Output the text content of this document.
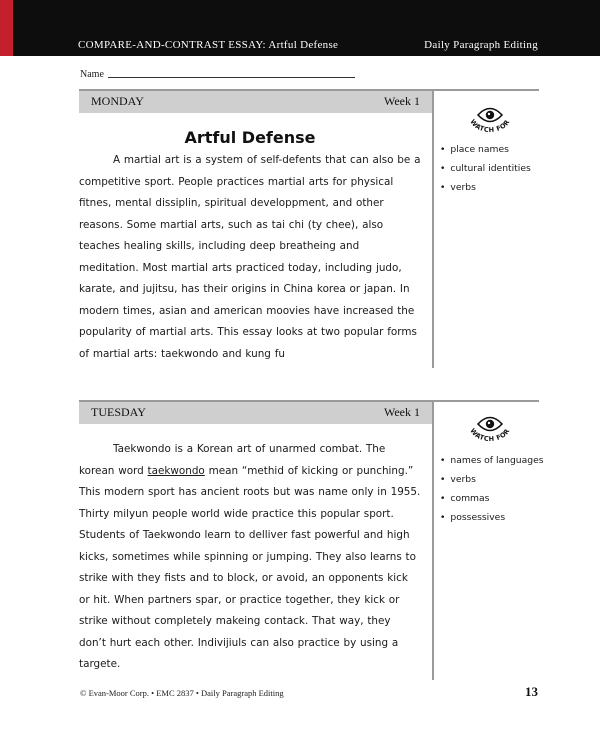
COMPARE-AND-CONTRAST ESSAY: Artful Defense	Daily Paragraph Editing
Name
MONDAY	Week 1
Artful Defense

A martial art is a system of self-defents that can also be a competitive sport. People practices martial arts for physical fitnes, mental dissiplin, spiritual developpment, and other reasons. Some martial arts, such as tai chi (ty chee), also teaches healing skills, including deep breatheing and meditation. Most martial arts practiced today, including judo, karate, and jujitsu, has their origins in China korea or japan. In modern times, asian and american moovies have increased the popularity of martial arts. This essay looks at two popular forms of martial arts: taekwondo and kung fu

WATCH FOR
• place names
• cultural identities
• verbs
TUESDAY	Week 1

Taekwondo is a Korean art of unarmed combat. The korean word taekwondo mean “methid of kicking or punching.” This modern sport has ancient roots but was name only in 1955. Thirty milyun people world wide practice this popular sport. Students of Taekwondo learn to delliver fast powerful and high kicks, sometimes while spinning or jumping. They also learns to strike with they fists and to block, or avoid, an opponents kick or hit. When partners spar, or practice together, they kick or strike without completely makeing contack. That way, they don’t hurt each other. Indivijiuls can also practice by using a targete.

WATCH FOR
• names of languages
• verbs
• commas
• possessives
© Evan-Moor Corp. • EMC 2837 • Daily Paragraph Editing	13
